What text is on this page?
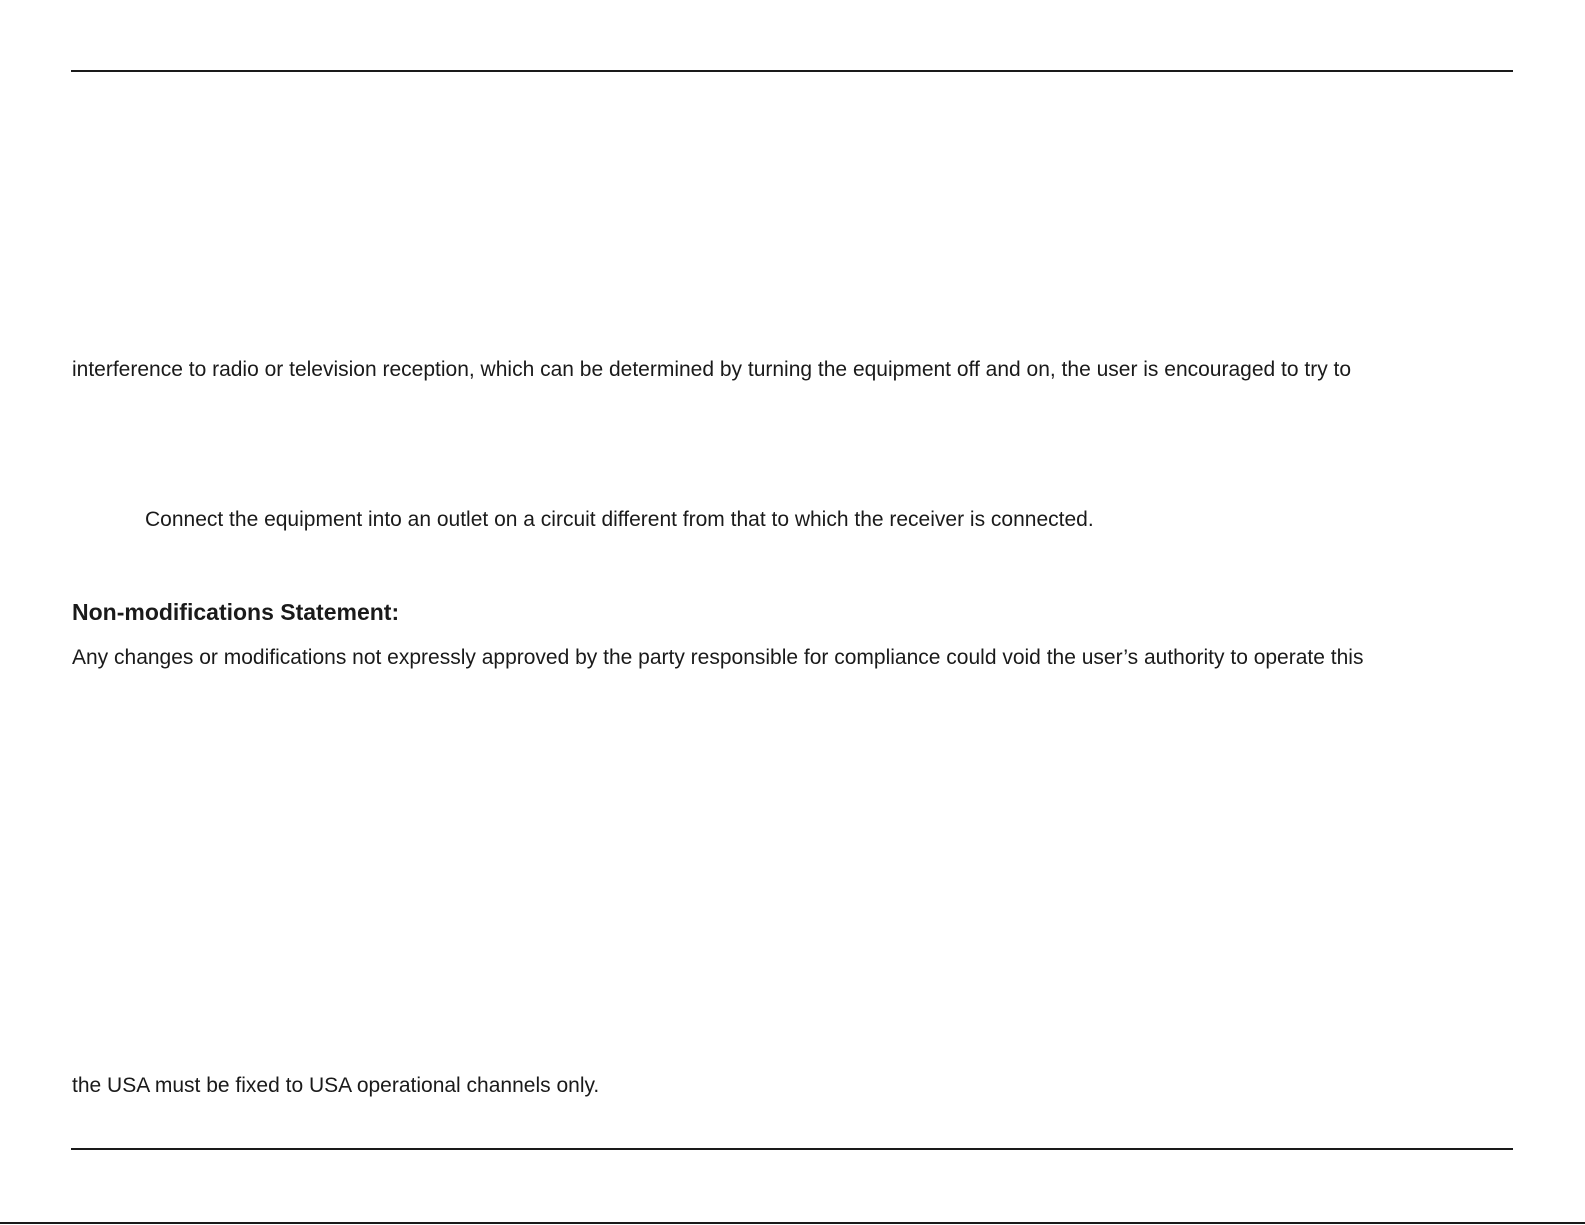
interference to radio or television reception, which can be determined by turning the equipment off and on, the user is encouraged to try to
Connect the equipment into an outlet on a circuit different from that to which the receiver is connected.
Non-modifications Statement:
Any changes or modifications not expressly approved by the party responsible for compliance could void the user’s authority to operate this
the USA must be fixed to USA operational channels only.
